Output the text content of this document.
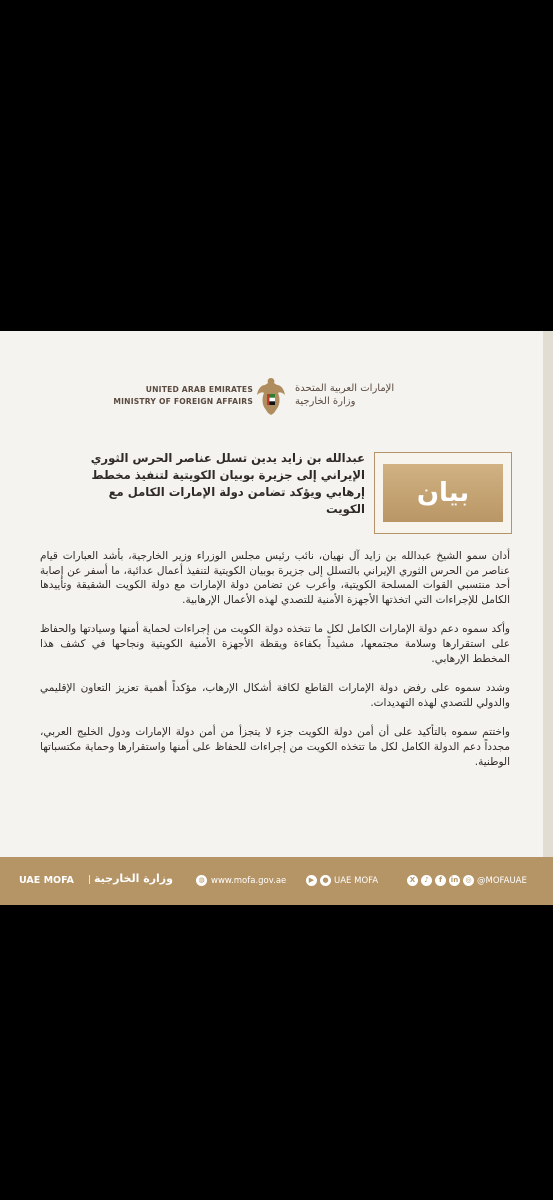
UNITED ARAB EMIRATES
MINISTRY OF FOREIGN AFFAIRS
الإمارات العربية المتحدة
وزارة الخارجية
عبدالله بن زايد يدين تسلل عناصر الحرس الثوري الإيراني إلى جزيرة بوبيان الكويتية لتنفيذ مخطط إرهابي ويؤكد تضامن دولة الإمارات الكامل مع الكويت
بيان

أدان سمو الشيخ عبدالله بن زايد آل نهيان، نائب رئيس مجلس الوزراء وزير الخارجية، بأشد العبارات قيام عناصر من الحرس الثوري الإيراني بالتسلل إلى جزيرة بوبيان الكويتية لتنفيذ أعمال عدائية، ما أسفر عن إصابة أحد منتسبي القوات المسلحة الكويتية، وأعرب عن تضامن دولة الإمارات مع دولة الكويت الشقيقة وتأييدها الكامل للإجراءات التي اتخذتها الأجهزة الأمنية للتصدي لهذه الأعمال الإرهابية.

وأكد سموه دعم دولة الإمارات الكامل لكل ما تتخذه دولة الكويت من إجراءات لحماية أمنها وسيادتها والحفاظ على استقرارها وسلامة مجتمعها، مشيداً بكفاءة ويقظة الأجهزة الأمنية الكويتية ونجاحها في كشف هذا المخطط الإرهابي.

وشدد سموه على رفض دولة الإمارات القاطع لكافة أشكال الإرهاب، مؤكداً أهمية تعزيز التعاون الإقليمي والدولي للتصدي لهذه التهديدات.

واختتم سموه بالتأكيد على أن أمن دولة الكويت جزء لا يتجزأ من أمن دولة الإمارات ودول الخليج العربي، مجدداً دعم الدولة الكامل لكل ما تتخذه الكويت من إجراءات للحفاظ على أمنها واستقرارها وحماية مكتسباتها الوطنية.

UAE MOFA | وزارة الخارجية	◍ www.mofa.gov.ae	▶	● UAE MOFA	X	♪	f	in	◎ @MOFAUAE
